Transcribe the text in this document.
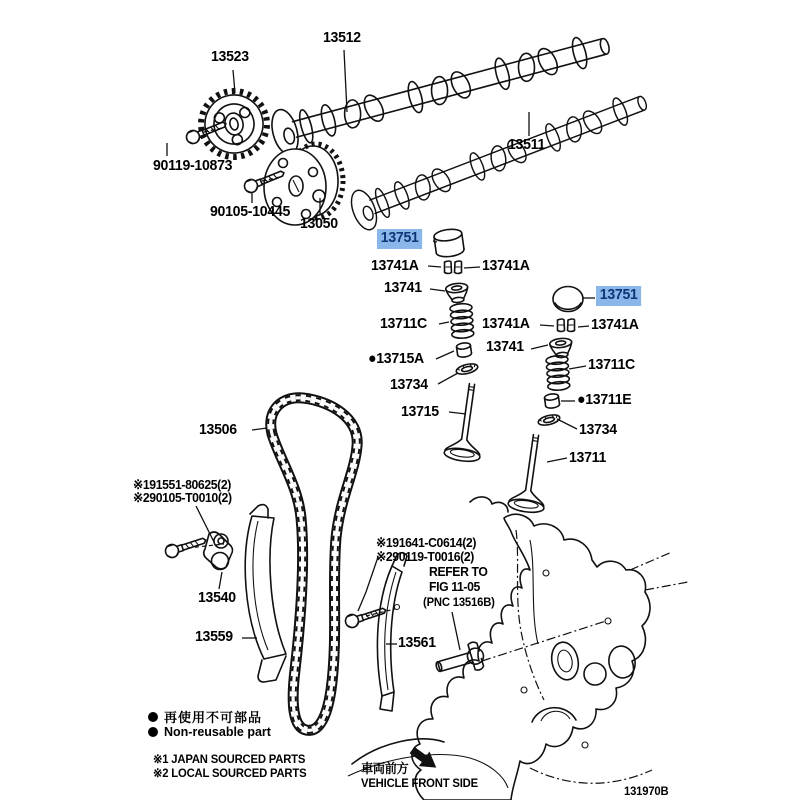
13523
13512
13511
90119-10873
90105-10445
13050
13751
13751
13741A	13741A
13741
13711C
●13715A
13734
13715
13741A	13741A
13741
13711C
●13711E
13734
13711
13506
※191551-80625(2)
※290105-T0010(2)
13540
13559
※191641-C0614(2)
※290119-T0016(2)
REFER TO
FIG 11-05
(PNC 13516B)
13561
再使用不可部品
Non-reusable part
※1 JAPAN SOURCED PARTS
※2 LOCAL SOURCED PARTS	車両前方
VEHICLE FRONT SIDE
131970B
